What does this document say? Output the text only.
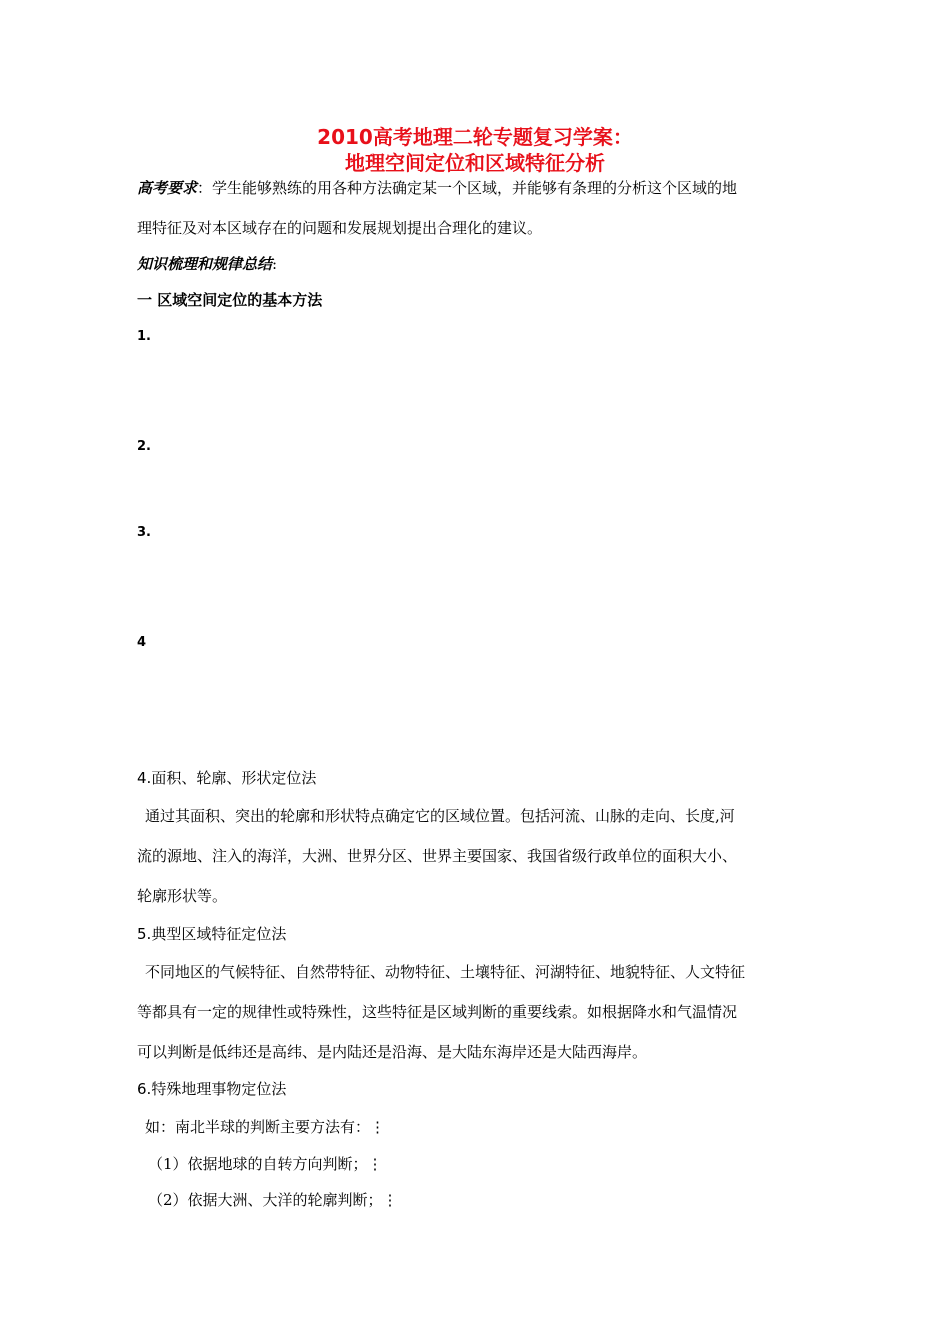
2010高考地理二轮专题复习学案：
地理空间定位和区域特征分析
高考要求：学生能够熟练的用各种方法确定某一个区域，并能够有条理的分析这个区域的地
理特征及对本区域存在的问题和发展规划提出合理化的建议。
知识梳理和规律总结:
一 区域空间定位的基本方法
1.
2.
3.
4
4.面积、轮廓、形状定位法
通过其面积、突出的轮廓和形状特点确定它的区域位置。包括河流、山脉的走向、长度,河
流的源地、注入的海洋，大洲、世界分区、世界主要国家、我国省级行政单位的面积大小、
轮廓形状等。
5.典型区域特征定位法
不同地区的气候特征、自然带特征、动物特征、土壤特征、河湖特征、地貌特征、人文特征
等都具有一定的规律性或特殊性，这些特征是区域判断的重要线索。如根据降水和气温情况
可以判断是低纬还是高纬、是内陆还是沿海、是大陆东海岸还是大陆西海岸。
6.特殊地理事物定位法
如：南北半球的判断主要方法有：⋮
（1）依据地球的自转方向判断；⋮
（2）依据大洲、大洋的轮廓判断；⋮
